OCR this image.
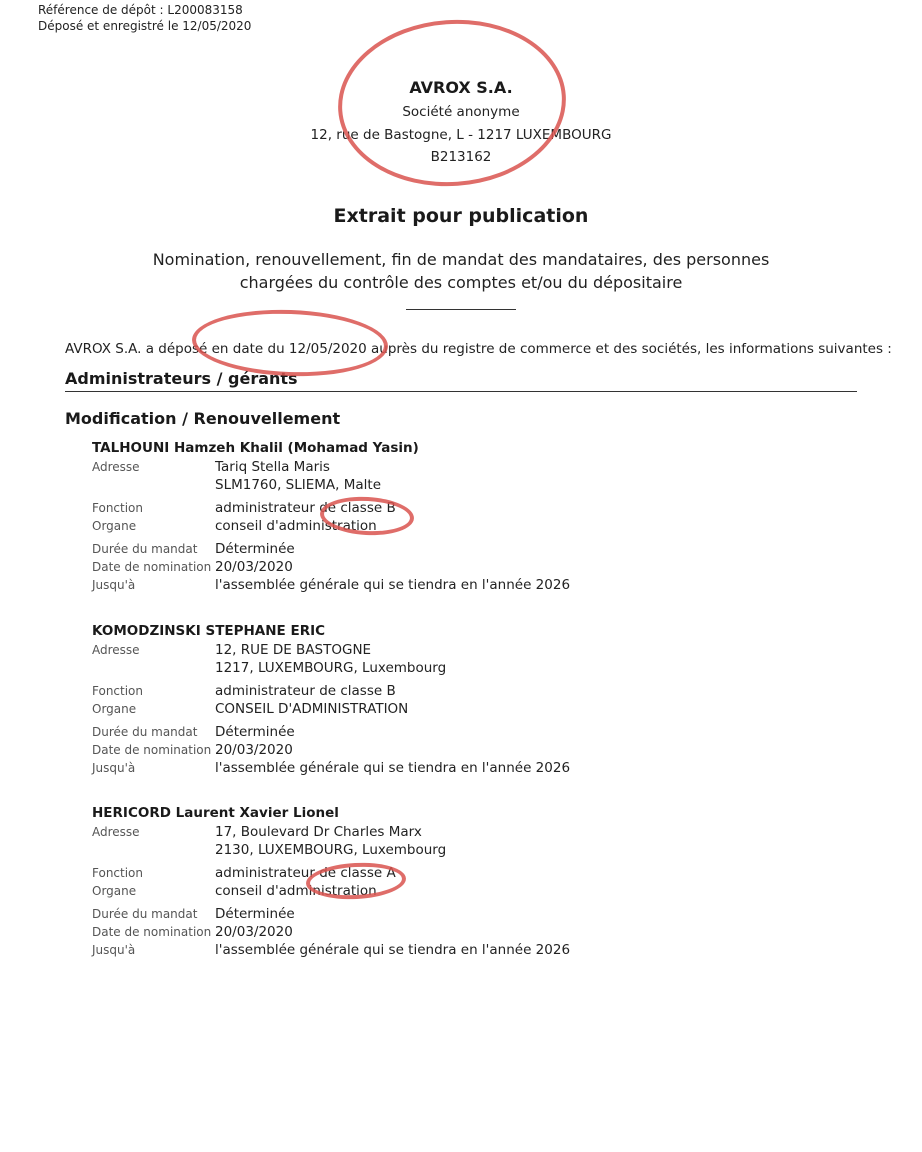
Référence de dépôt : L200083158
Déposé et enregistré le 12/05/2020
AVROX S.A.
Société anonyme
12, rue de Bastogne, L - 1217 LUXEMBOURG
B213162
Extrait pour publication
Nomination, renouvellement, fin de mandat des mandataires, des personnes
chargées du contrôle des comptes et/ou du dépositaire
AVROX S.A. a déposé en date du 12/05/2020 auprès du registre de commerce et des sociétés, les informations suivantes :
Administrateurs / gérants
Modification / Renouvellement
TALHOUNI Hamzeh Khalil (Mohamad Yasin)
Adresse	Tariq Stella Maris
SLM1760, SLIEMA, Malte
Fonction	administrateur de classe B
Organe	conseil d'administration
Durée du mandat	Déterminée
Date de nomination 20/03/2020
Jusqu'à	l'assemblée générale qui se tiendra en l'année 2026
KOMODZINSKI STEPHANE ERIC
Adresse	12, RUE DE BASTOGNE
1217, LUXEMBOURG, Luxembourg
Fonction	administrateur de classe B
Organe	CONSEIL D'ADMINISTRATION
Durée du mandat	Déterminée
Date de nomination 20/03/2020
Jusqu'à	l'assemblée générale qui se tiendra en l'année 2026
HERICORD Laurent Xavier Lionel
Adresse	17, Boulevard Dr Charles Marx
2130, LUXEMBOURG, Luxembourg
Fonction	administrateur de classe A
Organe	conseil d'administration
Durée du mandat	Déterminée
Date de nomination 20/03/2020
Jusqu'à	l'assemblée générale qui se tiendra en l'année 2026
